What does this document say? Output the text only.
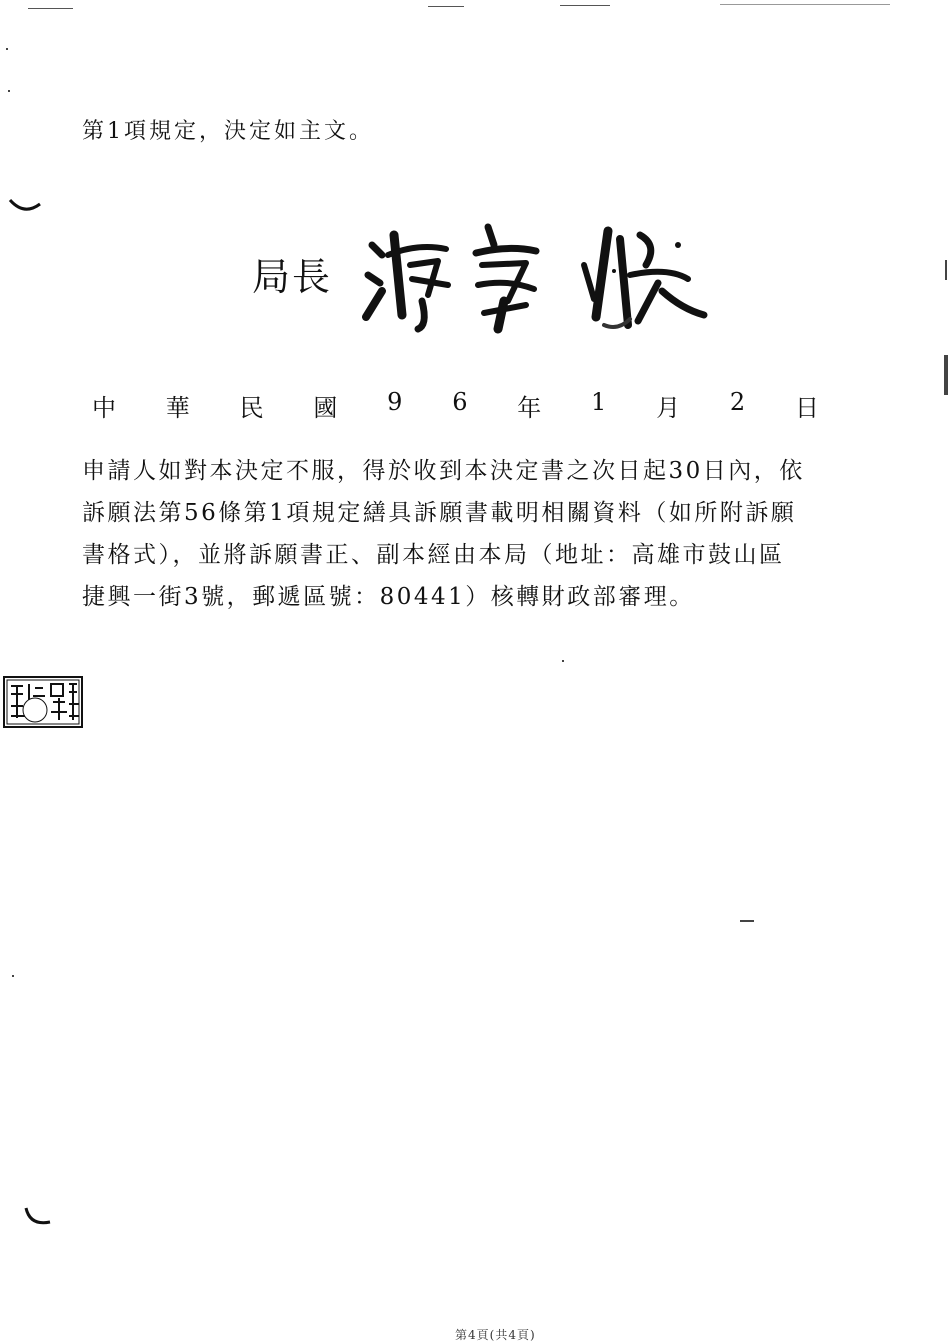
第1項規定，決定如主文。
局長
中 華 民 國 9 6 年 1 月 2 日
申請人如對本決定不服，得於收到本決定書之次日起30日內，依
訴願法第56條第1項規定繕具訴願書載明相關資料（如所附訴願
書格式），並將訴願書正、副本經由本局（地址：高雄市鼓山區
捷興一街3號，郵遞區號：80441）核轉財政部審理。
第4頁(共4頁)
